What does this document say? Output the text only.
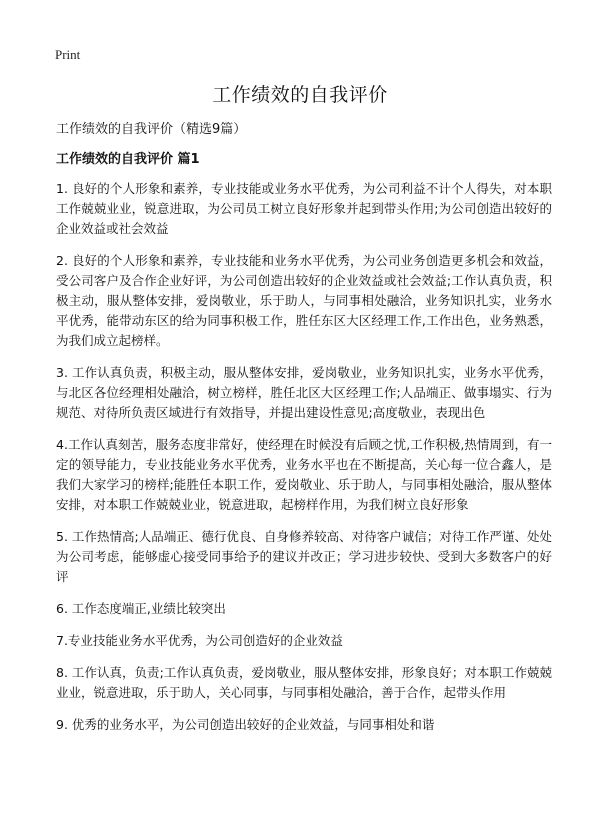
Print
工作绩效的自我评价

工作绩效的自我评价（精选9篇）

工作绩效的自我评价 篇1

1. 良好的个人形象和素养，专业技能或业务水平优秀，为公司利益不计个人得失，对本职工作兢兢业业，锐意进取，为公司员工树立良好形象并起到带头作用;为公司创造出较好的企业效益或社会效益

2. 良好的个人形象和素养，专业技能和业务水平优秀，为公司业务创造更多机会和效益，受公司客户及合作企业好评，为公司创造出较好的企业效益或社会效益;工作认真负责，积极主动，服从整体安排，爱岗敬业，乐于助人，与同事相处融洽，业务知识扎实，业务水平优秀，能带动东区的给为同事积极工作，胜任东区大区经理工作,工作出色，业务熟悉，为我们成立起榜样。

3. 工作认真负责，积极主动，服从整体安排，爱岗敬业，业务知识扎实，业务水平优秀，与北区各位经理相处融洽，树立榜样，胜任北区大区经理工作;人品端正、做事塌实、行为规范、对待所负责区域进行有效指导，并提出建设性意见;高度敬业，表现出色

4.工作认真刻苦，服务态度非常好，使经理在时候没有后顾之忧,工作积极,热情周到，有一定的领导能力，专业技能业务水平优秀，业务水平也在不断提高，关心每一位合鑫人，是我们大家学习的榜样;能胜任本职工作，爱岗敬业、乐于助人，与同事相处融洽，服从整体安排，对本职工作兢兢业业，锐意进取，起榜样作用，为我们树立良好形象

5. 工作热情高;人品端正、德行优良、自身修养较高、对待客户诚信；对待工作严谨、处处为公司考虑，能够虚心接受同事给予的建议并改正；学习进步较快、受到大多数客户的好评

6. 工作态度端正,业绩比较突出

7.专业技能业务水平优秀，为公司创造好的企业效益

8. 工作认真，负责;工作认真负责，爱岗敬业，服从整体安排，形象良好；对本职工作兢兢业业，锐意进取，乐于助人，关心同事，与同事相处融洽，善于合作，起带头作用

9. 优秀的业务水平，为公司创造出较好的企业效益，与同事相处和谐
